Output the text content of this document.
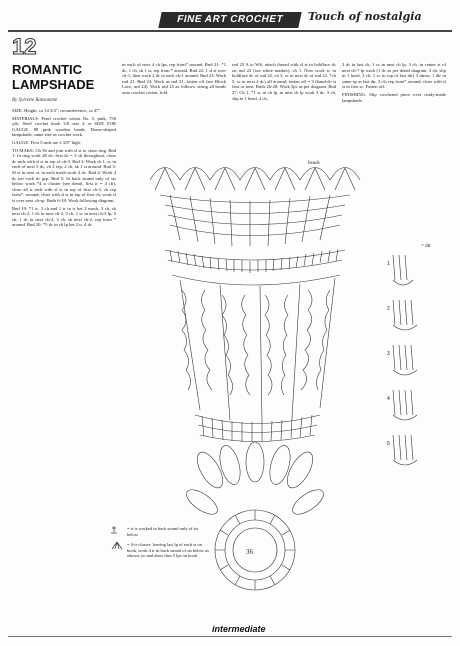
FINE ART CROCHET	Touch of nostalgia
12
ROMANTIC LAMPSHADE
By Sylvette Ransomme

SIZE: Height, ca 14 3/4"; circumference, ca 47".

MATERIALS: Pearl crochet cotton No. 5, pink, 750 yds. Steel crochet hook US size 4 or SIZE FOR GAUGE. 88 pink wooden beads. Dome-shaped lampshade, same size as crochet work.

GAUGE: First 5 rnds are 2 3/8" high.

TO MAKE: Ch 36 and join with sl st to close ring. Rnd 1: In ring work 48 dc; first dc = 3 ch throughout, close dc rnds with sl st in top of ch-3. Rnd 2: Work ch 1, sc in each of next 5 dc, ch 2 rep, 2 ch, sk 1 st around. Rnd 3: Sl st in next st, in each mesh work 4 dc. Rnd 4: Work 4 dc bet each dc grp. Rnd 5: In back strand only of sts below work *4 tr cluster (see detail, first tr = 4 ch), close all tr rnds with sl st in top of first ch-3, ch rep from*, around; close with sl st in top of first ch, work sl st over next ch-sp. Rnds 6-18: Work following diagram.

Rnd 19: *1 tr, 3 ch and 1 tr in tr bet 2 mesh, 3 ch, sk next ch-2, 1 dc in next ch-2, 3 ch, 1 sc in next ch-3 lp, 3 ch, 1 dc in next ch-2, 3 ch, sk next ch-2, rep from * around. Rnd 20: *5 dc in ch lp bet 2 tr, 4 dc

in each of next 4 ch lps, rep from* around. Rnd 21: *1 dc, 1 ch, sk 1 st, rep from * around. Rnd 22: 1 sl st over ch-1, then work 2 dc in each ch-1 around. Rnd 23: Work rnd 21. Rnd 24: Work as rnd 21, fasten off (see Block Lace, rnd 24). Work rnd 25 as follows: string all beads onto crochet cotton, fold

rnd 23 A to WS, attach thread with sl st in boldface dc on rnd 22 (see white marker), ch 1. Now work sc in boldface dc of rnd 22, ch 3, sc in next dc of rnd 22, *ch 5, sc in next 4 dc) all around; fasten off = 3 (hand-dc st first or next. Rnds 26-28: Work 5pc as per diagram. Rnd 27: Ch 1, *1 sc in ch lp, in next ch lp work 3 dc, 3 ch, slip in 1 bead, 4 ch,

3 dc in last ch, 1 sc in next ch lp, 3 ch, in center st of next ch-7 lp work (1 dc as per detail diagram, 3 ch, slip in 1 bead, 3 ch, 1 sc in top of last dtr) 3 times, 1 dtr in same sp as last dtr, 3 ch, rep from* around; close with sl st in first sc. Fasten off.

FINISHING: Slip crocheted piece over ready-made lampshade.

36
beads
= dtr
1
2
3
4
5
= tr is worked in back strand only of sts below
= 4-tr cluster: leaving last lp of each st on hook, work 4 tr in back strand of sts below as shown, yo and draw thru 5 lps on hook
intermediate
